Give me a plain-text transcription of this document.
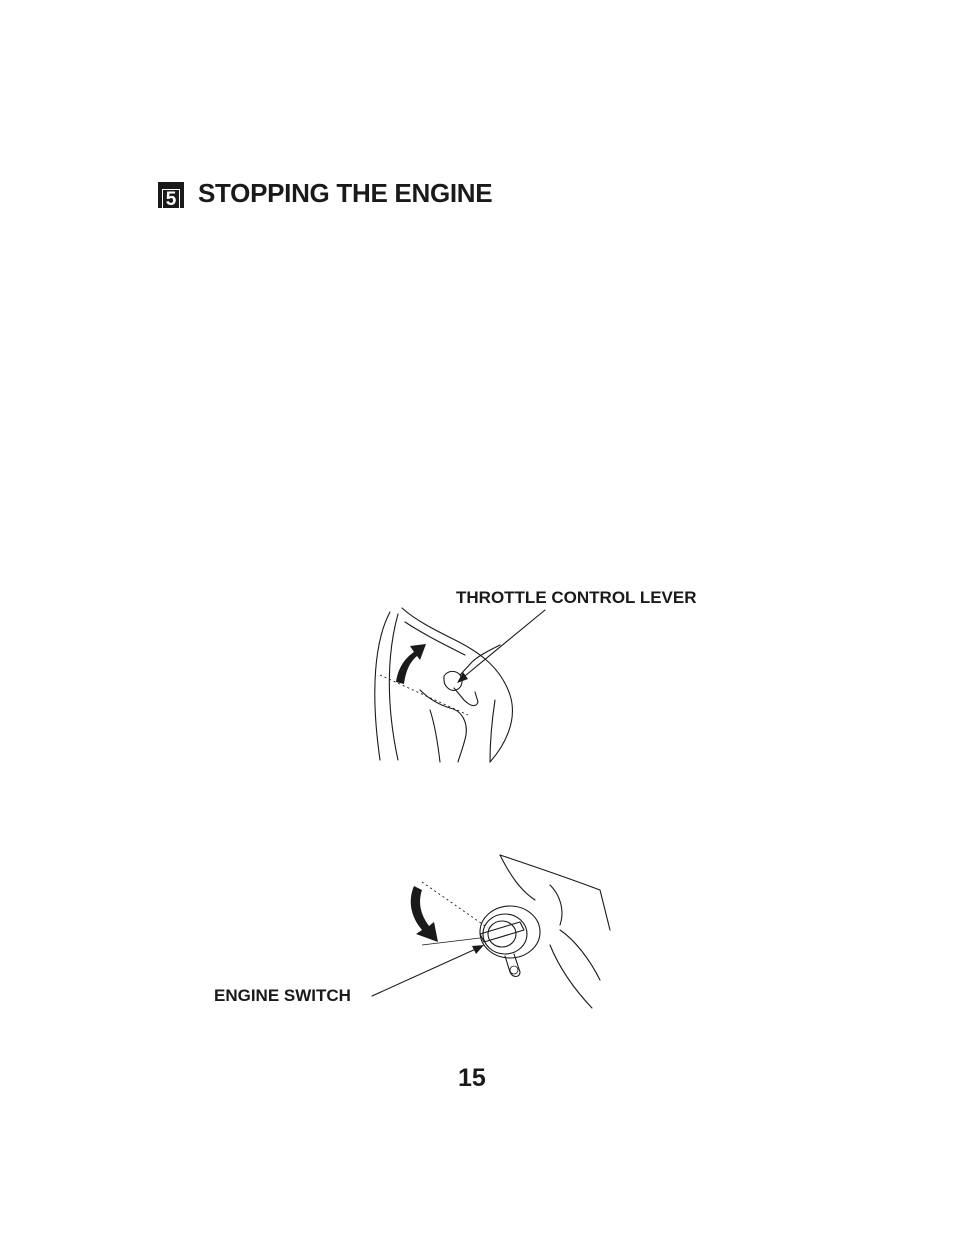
5 STOPPING THE ENGINE
THROTTLE CONTROL LEVER
ENGINE SWITCH
15
